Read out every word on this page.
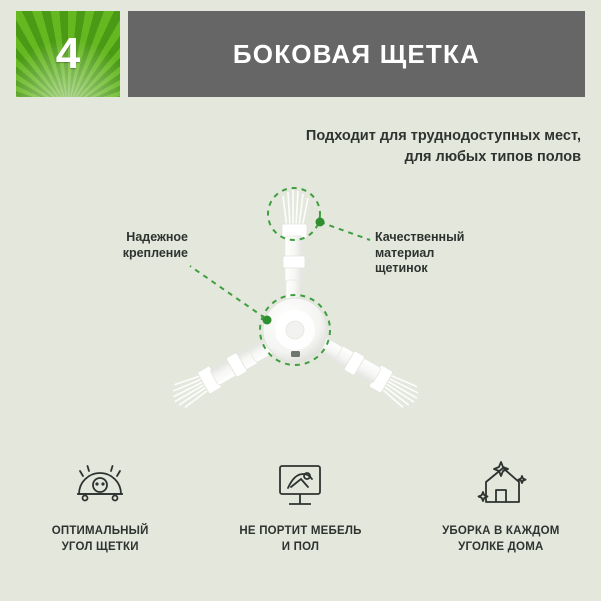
4	БОКОВАЯ ЩЕТКА
Подходит для труднодоступных мест,
для любых типов полов
Надежное
крепление
Качественный
материал
щетинок
ОПТИМАЛЬНЫЙ
УГОЛ ЩЕТКИ
НЕ ПОРТИТ МЕБЕЛЬ
И ПОЛ
УБОРКА В КАЖДОМ
УГОЛКЕ ДОМА
